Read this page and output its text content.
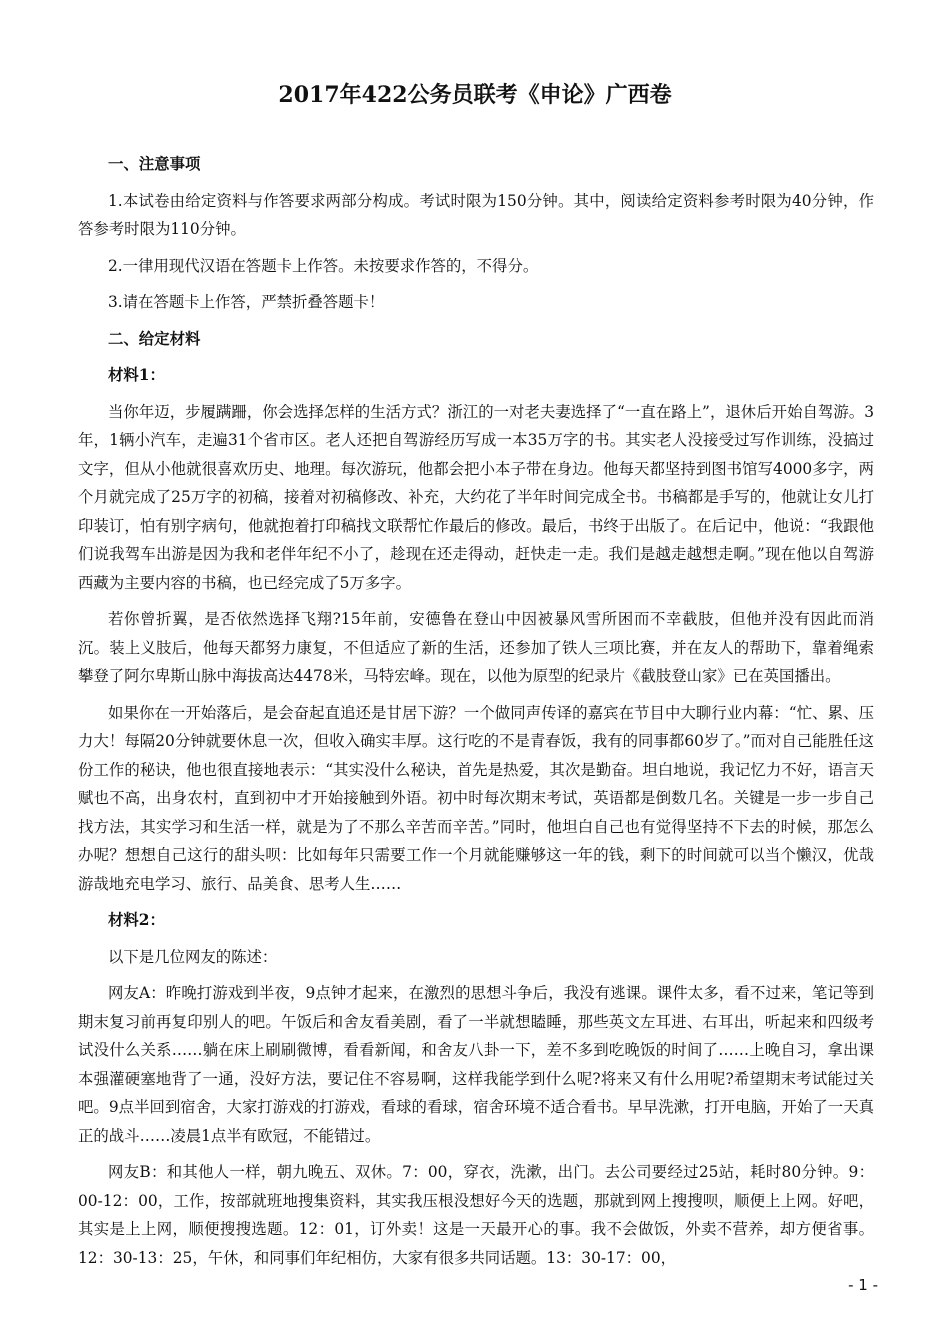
2017年422公务员联考《申论》广西卷
一、注意事项
1.本试卷由给定资料与作答要求两部分构成。考试时限为150分钟。其中，阅读给定资料参考时限为40分钟，作答参考时限为110分钟。
2.一律用现代汉语在答题卡上作答。未按要求作答的，不得分。
3.请在答题卡上作答，严禁折叠答题卡！
二、给定材料
材料1：
当你年迈，步履蹒跚，你会选择怎样的生活方式？浙江的一对老夫妻选择了“一直在路上”，退休后开始自驾游。3年，1辆小汽车，走遍31个省市区。老人还把自驾游经历写成一本35万字的书。其实老人没接受过写作训练，没搞过文字，但从小他就很喜欢历史、地理。每次游玩，他都会把小本子带在身边。他每天都坚持到图书馆写4000多字，两个月就完成了25万字的初稿，接着对初稿修改、补充，大约花了半年时间完成全书。书稿都是手写的，他就让女儿打印装订，怕有别字病句，他就抱着打印稿找文联帮忙作最后的修改。最后，书终于出版了。在后记中，他说：“我跟他们说我驾车出游是因为我和老伴年纪不小了，趁现在还走得动，赶快走一走。我们是越走越想走啊。”现在他以自驾游西藏为主要内容的书稿，也已经完成了5万多字。
若你曾折翼，是否依然选择飞翔?15年前，安德鲁在登山中因被暴风雪所困而不幸截肢，但他并没有因此而消沉。装上义肢后，他每天都努力康复，不但适应了新的生活，还参加了铁人三项比赛，并在友人的帮助下，靠着绳索攀登了阿尔卑斯山脉中海拔高达4478米，马特宏峰。现在，以他为原型的纪录片《截肢登山家》已在英国播出。
如果你在一开始落后，是会奋起直追还是甘居下游？一个做同声传译的嘉宾在节目中大聊行业内幕：“忙、累、压力大！每隔20分钟就要休息一次，但收入确实丰厚。这行吃的不是青春饭，我有的同事都60岁了。”而对自己能胜任这份工作的秘诀，他也很直接地表示：“其实没什么秘诀，首先是热爱，其次是勤奋。坦白地说，我记忆力不好，语言天赋也不高，出身农村，直到初中才开始接触到外语。初中时每次期末考试，英语都是倒数几名。关键是一步一步自己找方法，其实学习和生活一样，就是为了不那么辛苦而辛苦。”同时，他坦白自己也有觉得坚持不下去的时候，那怎么办呢？想想自己这行的甜头呗：比如每年只需要工作一个月就能赚够这一年的钱，剩下的时间就可以当个懒汉，优哉游哉地充电学习、旅行、品美食、思考人生……
材料2：
以下是几位网友的陈述：
网友A：昨晚打游戏到半夜，9点钟才起来，在激烈的思想斗争后，我没有逃课。课件太多，看不过来，笔记等到期末复习前再复印别人的吧。午饭后和舍友看美剧，看了一半就想瞌睡，那些英文左耳进、右耳出，听起来和四级考试没什么关系……躺在床上刷刷微博，看看新闻，和舍友八卦一下，差不多到吃晚饭的时间了……上晚自习，拿出课本强灌硬塞地背了一通，没好方法，要记住不容易啊，这样我能学到什么呢?将来又有什么用呢?希望期末考试能过关吧。9点半回到宿舍，大家打游戏的打游戏，看球的看球，宿舍环境不适合看书。早早洗漱，打开电脑，开始了一天真正的战斗……凌晨1点半有欧冠，不能错过。
网友B：和其他人一样，朝九晚五、双休。7：00，穿衣，洗漱，出门。去公司要经过25站，耗时80分钟。9：00-12：00，工作，按部就班地搜集资料，其实我压根没想好今天的选题，那就到网上搜搜呗，顺便上上网。好吧，其实是上上网，顺便搜搜选题。12：01，订外卖！这是一天最开心的事。我不会做饭，外卖不营养，却方便省事。12：30-13：25，午休，和同事们年纪相仿，大家有很多共同话题。13：30-17：00，
- 1 -
